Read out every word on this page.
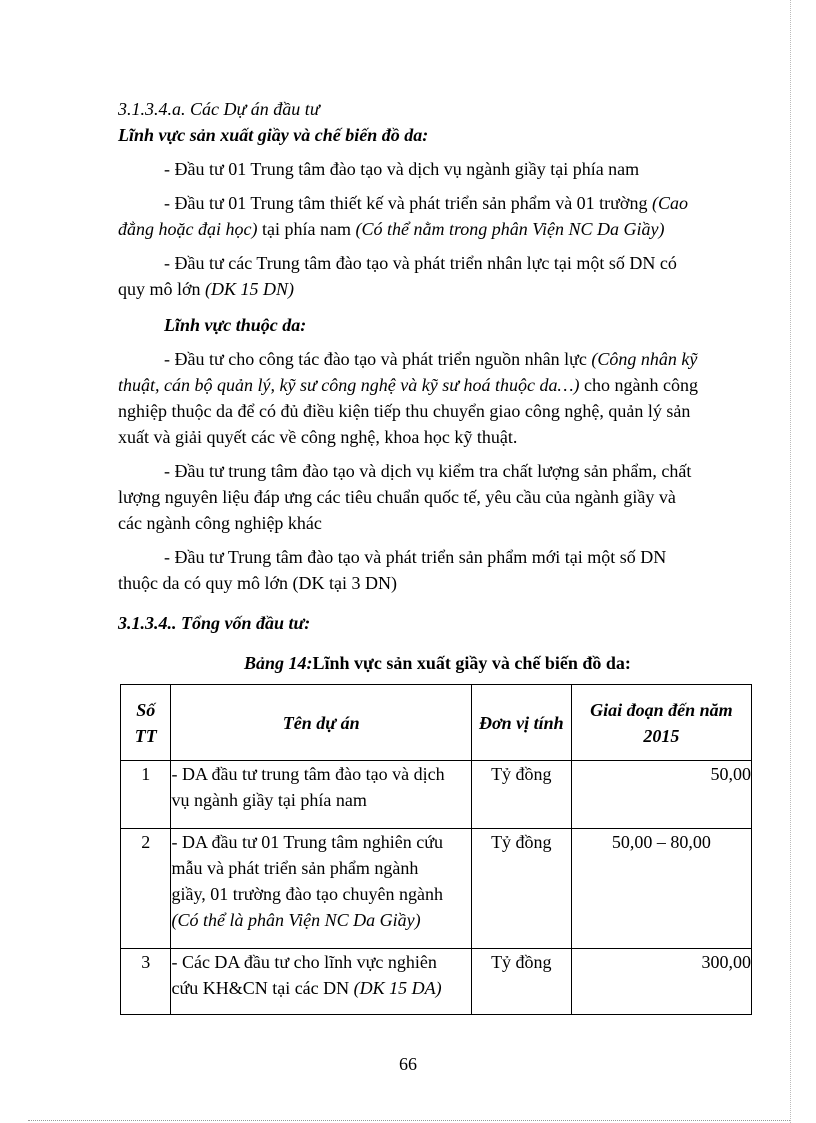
3.1.3.4.a. Các Dự án đầu tư
Lĩnh vực sản xuất giầy và chế biến đồ da:
- Đầu tư 01 Trung tâm đào tạo và dịch vụ ngành giầy tại phía nam
- Đầu tư 01 Trung tâm thiết kế và phát triển sản phẩm và 01 trường (Cao
đẳng hoặc đại học) tại phía nam (Có thể nằm trong phân Viện NC Da Giầy)
- Đầu tư các Trung tâm đào tạo và phát triển nhân lực tại một số DN có
quy mô lớn (DK 15 DN)
Lĩnh vực thuộc da:
- Đầu tư cho công tác đào tạo và phát triển nguồn nhân lực (Công nhân kỹ
thuật, cán bộ quản lý, kỹ sư công nghệ và kỹ sư hoá thuộc da…) cho ngành công
nghiệp thuộc da để có đủ điều kiện tiếp thu chuyển giao công nghệ, quản lý sản
xuất và giải quyết các về công nghệ, khoa học kỹ thuật.
- Đầu tư trung tâm đào tạo và dịch vụ kiểm tra chất lượng sản phẩm, chất
lượng nguyên liệu đáp ưng các tiêu chuẩn quốc tế, yêu cầu của ngành giầy và
các ngành công nghiệp khác
- Đầu tư Trung tâm đào tạo và phát triển sản phẩm mới tại một số DN
thuộc da có quy mô lớn (DK tại 3 DN)
3.1.3.4.. Tổng vốn đầu tư:
Bảng 14:Lĩnh vực sản xuất giầy và chế biến đồ da:
Số
TT	Tên dự án	Đơn vị tính	Giai đoạn đến năm
2015

1	- DA đầu tư trung tâm đào tạo và dịch
vụ ngành giầy tại phía nam	Tỷ đồng	50,00
2	- DA đầu tư 01 Trung tâm nghiên cứu
mẫu và phát triển sản phẩm ngành
giầy, 01 trường đào tạo chuyên ngành
(Có thể là phân Viện NC Da Giầy)	Tỷ đồng	50,00 – 80,00
3	- Các DA đầu tư cho lĩnh vực nghiên
cứu KH&CN tại các DN (DK 15 DA)	Tỷ đồng	300,00
66
